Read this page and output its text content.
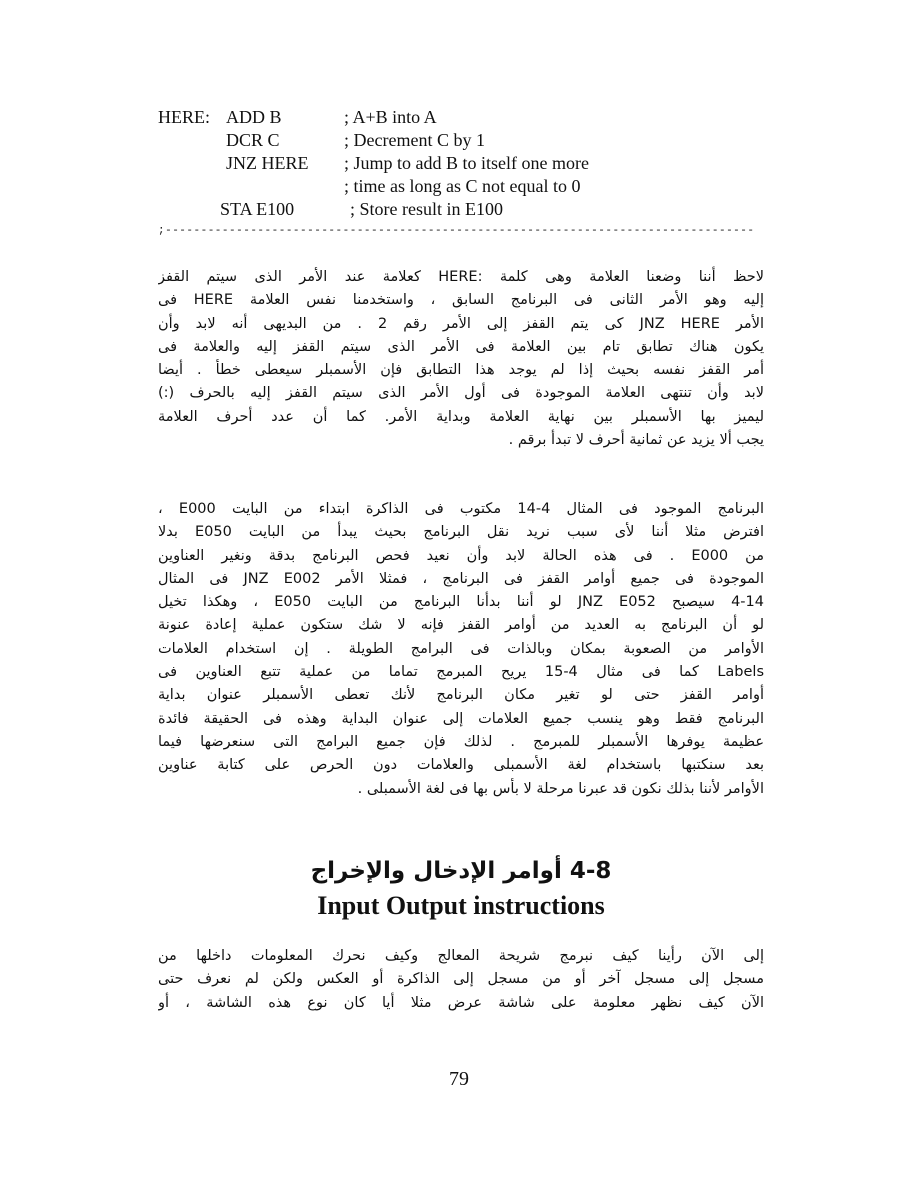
HERE: ADD B	; A+B into A
DCR C	; Decrement C by 1
JNZ HERE ; Jump to add B to itself one more
; time as long as C not equal to 0
STA E100	; Store result in E100
;-----------------------------------------------------------------------------------
لاحظ أننا وضعنا العلامة وهى كلمة :HERE كعلامة عند الأمر الذى سيتم القفز
إليه وهو الأمر الثانى فى البرنامج السابق ، واستخدمنا نفس العلامة HERE فى
الأمر JNZ HERE كى يتم القفز إلى الأمر رقم 2 . من البديهى أنه لابد وأن
يكون هناك تطابق تام بين العلامة فى الأمر الذى سيتم القفز إليه والعلامة فى
أمر القفز نفسه بحيث إذا لم يوجد هذا التطابق فإن الأسمبلر سيعطى خطأ . أيضا
لابد وأن تنتهى العلامة الموجودة فى أول الأمر الذى سيتم القفز إليه بالحرف (:)
ليميز بها الأسمبلر بين نهاية العلامة وبداية الأمر. كما أن عدد أحرف العلامة
يجب ألا يزيد عن ثمانية أحرف لا تبدأ برقم .
البرنامج الموجود فى المثال 4-14 مكتوب فى الذاكرة ابتداء من البايت E000 ،
افترض مثلا أننا لأى سبب نريد نقل البرنامج بحيث يبدأ من البايت E050 بدلا
من E000 . فى هذه الحالة لابد وأن نعيد فحص البرنامج بدقة ونغير العناوين
الموجودة فى جميع أوامر القفز فى البرنامج ، فمثلا الأمر JNZ E002 فى المثال
4-14 سيصبح JNZ E052 لو أننا بدأنا البرنامج من البايت E050 ، وهكذا تخيل
لو أن البرنامج به العديد من أوامر القفز فإنه لا شك ستكون عملية إعادة عنونة
الأوامر من الصعوبة بمكان وبالذات فى البرامج الطويلة . إن استخدام العلامات
Labels كما فى مثال 4-15 يريح المبرمج تماما من عملية تتبع العناوين فى
أوامر القفز حتى لو تغير مكان البرنامج لأنك تعطى الأسمبلر عنوان بداية
البرنامج فقط وهو ينسب جميع العلامات إلى عنوان البداية وهذه فى الحقيقة فائدة
عظيمة يوفرها الأسمبلر للمبرمج . لذلك فإن جميع البرامج التى سنعرضها فيما
بعد سنكتبها باستخدام لغة الأسمبلى والعلامات دون الحرص على كتابة عناوين
الأوامر لأننا بذلك نكون قد عبرنا مرحلة لا بأس بها فى لغة الأسمبلى .
4-8 أوامر الإدخال والإخراج
Input Output instructions
إلى الآن رأينا كيف نبرمج شريحة المعالج وكيف نحرك المعلومات داخلها من
مسجل إلى مسجل آخر أو من مسجل إلى الذاكرة أو العكس ولكن لم نعرف حتى
الآن كيف نظهر معلومة على شاشة عرض مثلا أيا كان نوع هذه الشاشة ، أو
79
